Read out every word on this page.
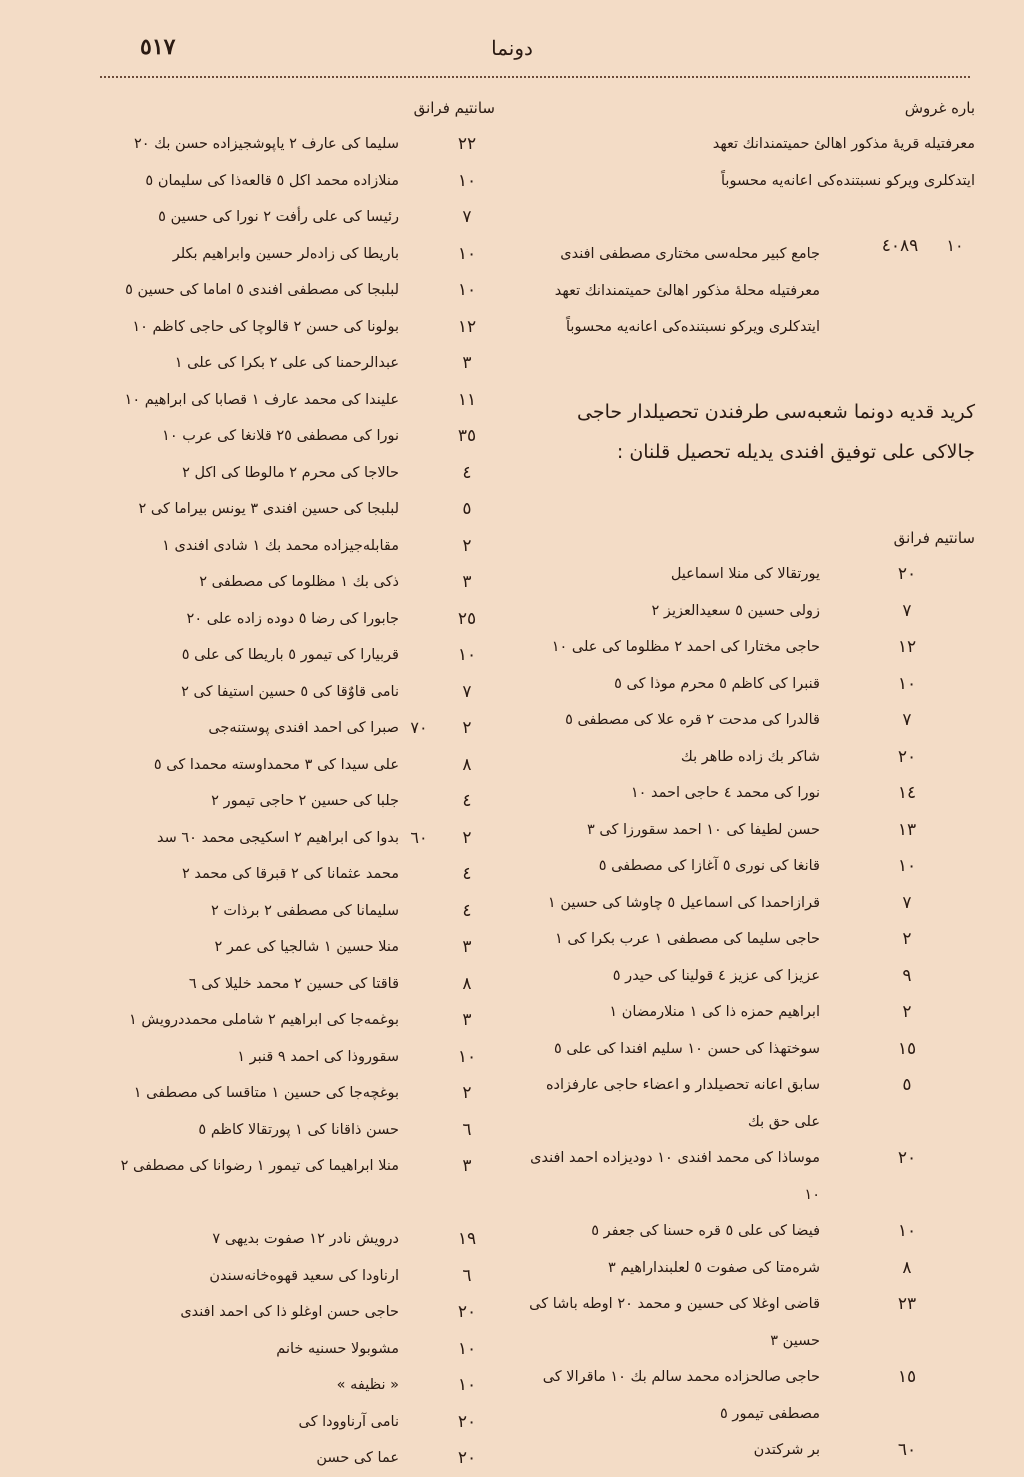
٥١٧	دونما
باره غروش
معرفتیله قریهٔ مذکور اهالیٔ حمیتمندانك تعهد ایتدكلری ویركو نسبتنده‌كی اعانه‌یه محسوباً
١٠
٤٠٨٩
جامع كبیر محله‌سی مختاری مصطفی افندی معرفتیله محلهٔ مذكور اهالیٔ حمیتمندانك تعهد ایتدكلری ویركو نسبتنده‌كی اعانه‌یه محسوباً
كرید قدیه دونما شعبه‌سی طرفندن تحصیلدار حاجی جالاكی علی توفیق افندی یدیله تحصیل قلنان :
سانتیم فرانق
٢٠
یورتقالا كی منلا اسماعیل
٧
زولی حسین ٥ سعیدالعزیز ٢
١٢
حاجی مختارا كی احمد ٢ مظلوما كی علی ١٠
١٠
قنبرا كی كاظم ٥ محرم موذا كی ٥
٧
قالدرا كی مدحت ٢ قره علا كی مصطفی ٥
٢٠
شاكر بك زاده طاهر بك
١٤
نورا كی محمد ٤ حاجی احمد ١٠
١٣
حسن لطیفا كی ١٠ احمد سقورزا كی ٣
١٠
قانغا كی نوری ٥ آغازا كی مصطفی ٥
٧
قرازاحمدا كی اسماعیل ٥ چاوشا كی حسین ١
٢
حاجی سلیما كی مصطفی ١ عرب بكرا كی ١
٩
عزیزا كی عزیز ٤ قولینا كی حیدر ٥
٢
ابراهیم حمزه ذا كی ١ منلارمضان ١
١٥
سوختهذا كی حسن ١٠ سلیم افندا كی علی ٥
٥
سابق اعانه تحصیلدار و اعضاء حاجی عارفزاده علی حق بك
٢٠
موساذا كی محمد افندی ١٠ دودیزاده احمد افندی ١٠
١٠
فیضا كی علی ٥ قره حسنا كی جعفر ٥
٨
شره‌متا كی صفوت ٥ لعلبنداراهیم ٣
٢٣
قاضی اوغلا كی حسین و محمد ٢٠ اوطه باشا كی حسین ٣
١٥
حاجی صالحزاده محمد سالم بك ١٠ ماقرالا كی مصطفی تیمور ٥
٦٠
بر شركتدن
سانتیم فرانق
٢٢
سلیما كی عارف ٢ یاپوشجیزاده حسن بك ٢٠
١٠
منلازاده محمد اكل ٥ قالعه‌ذا كی سلیمان ٥
٧
رئیسا كی علی رأفت ٢ نورا كی حسین ٥
١٠
باریطا كی زاده‌لر حسین وابراهیم بكلر
١٠
لبلبجا كی مصطفی افندی ٥ اماما كی حسین ٥
١٢
بولونا كی حسن ٢ قالوچا كی حاجی كاظم ١٠
٣
عبدالرحمنا كی علی ٢ بكرا كی علی ١
١١
علیندا كی محمد عارف ١ قصابا كی ابراهیم ١٠
٣٥
نورا كی مصطفی ٢٥ قلانغا كی عرب ١٠
٤
حالاجا كی محرم ٢ مالوطا كی اكل ٢
٥
لبلبجا كی حسین افندی ٣ یونس بیراما كی ٢
٢
مقابله‌جیزاده محمد بك ١ شادی افندی ١
٣
ذكی بك ١ مظلوما كی مصطفی ٢
٢٥
جابورا كی رضا ٥ دوده زاده علی ٢٠
١٠
قربیارا كی تیمور ٥ باریطا كی علی ٥
٧
نامی قاوٌقا كی ٥ حسین استیفا كی ٢
٢
٧٠
صبرا كی احمد افندی پوستنه‌جی
٨
علی سیدا كی ٣ محمداوسته محمدا كی ٥
٤
جلبا كی حسین ٢ حاجی تیمور ٢
٢
٦٠
بدوا كی ابراهیم ٢ اسكیجی محمد ٦٠ سد
٤
محمد عثمانا كی ٢ قبرقا كی محمد ٢
٤
سلیمانا كی مصطفی ٢ برذات ٢
٣
منلا حسین ١ شالجیا كی عمر ٢
٨
قاقتا كی حسین ٢ محمد خلیلا كی ٦
٣
بوغمه‌جا كی ابراهیم ٢ شاملی محمددرویش ١
١٠
سقوروذا كی احمد ٩ قنبر ١
٢
بوغچه‌جا كی حسین ١ متاقسا كی مصطفی ١
٦
حسن ذاقانا كی ١ پورتقالا كاظم ٥
٣
منلا ابراهیما كی تیمور ١ رضوانا كی مصطفی ٢
١٩
درویش نادر ١٢ صفوت بدیهی ٧
٦
ارناودا كی سعید قهوه‌خانه‌سندن
٢٠
حاجی حسن اوغلو ذا كی احمد افندی
١٠
مشوبولا حسنیه خانم
١٠
« نظیفه »
٢٠
نامی آرناوودا كی
٢٠
عما كی حسن
